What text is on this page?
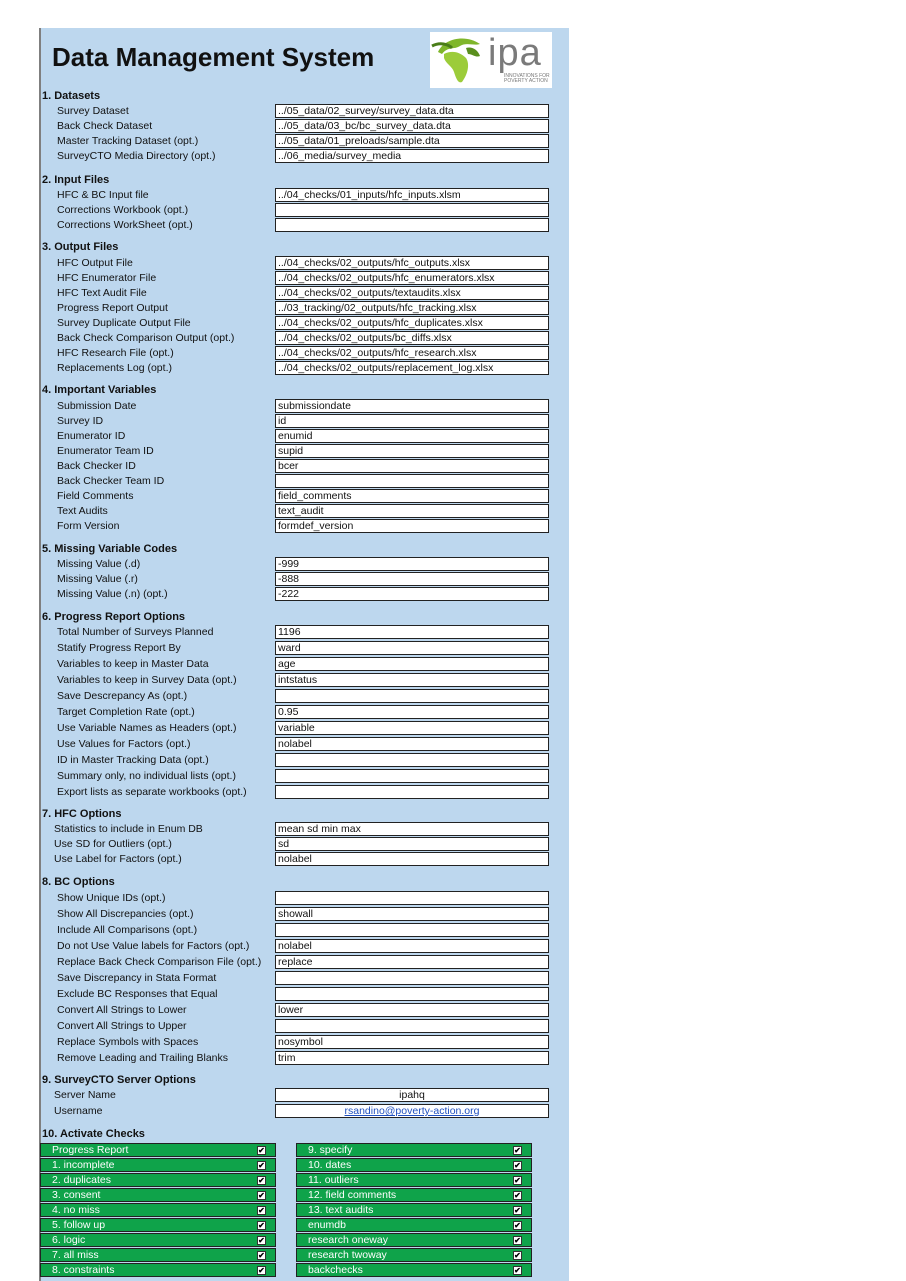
Data Management System	ipa
INNOVATIONS FOR POVERTY ACTION
1. Datasets
Survey Dataset	../05_data/02_survey/survey_data.dta
Back Check Dataset	../05_data/03_bc/bc_survey_data.dta
Master Tracking Dataset (opt.)	../05_data/01_preloads/sample.dta
SurveyCTO Media Directory (opt.)	../06_media/survey_media
2. Input Files
HFC & BC Input file	../04_checks/01_inputs/hfc_inputs.xlsm
Corrections Workbook (opt.)
Corrections WorkSheet (opt.)
3. Output Files
HFC Output File	../04_checks/02_outputs/hfc_outputs.xlsx
HFC Enumerator File	../04_checks/02_outputs/hfc_enumerators.xlsx
HFC Text Audit File	../04_checks/02_outputs/textaudits.xlsx
Progress Report Output	../03_tracking/02_outputs/hfc_tracking.xlsx
Survey Duplicate Output File	../04_checks/02_outputs/hfc_duplicates.xlsx
Back Check Comparison Output (opt.)	../04_checks/02_outputs/bc_diffs.xlsx
HFC Research File (opt.)	../04_checks/02_outputs/hfc_research.xlsx
Replacements Log (opt.)	../04_checks/02_outputs/replacement_log.xlsx
4. Important Variables
Submission Date	submissiondate
Survey ID	id
Enumerator ID	enumid
Enumerator Team ID	supid
Back Checker ID	bcer
Back Checker Team ID
Field Comments	field_comments
Text Audits	text_audit
Form Version	formdef_version
5. Missing Variable Codes
Missing Value (.d)	-999
Missing Value (.r)	-888
Missing Value (.n) (opt.)	-222
6. Progress Report Options
Total Number of Surveys Planned	1196
Statify Progress Report By	ward
Variables to keep in Master Data	age
Variables to keep in Survey Data (opt.)	intstatus
Save Descrepancy As (opt.)
Target Completion Rate (opt.)	0.95
Use Variable Names as Headers (opt.)	variable
Use Values for Factors (opt.)	nolabel
ID in Master Tracking Data (opt.)
Summary only, no individual lists (opt.)
Export lists as separate workbooks (opt.)
7. HFC Options
Statistics to include in Enum DB	mean sd min max
Use SD for Outliers (opt.)	sd
Use Label for Factors (opt.)	nolabel
8. BC Options
Show Unique IDs (opt.)
Show All Discrepancies (opt.)	showall
Include All Comparisons (opt.)
Do not Use Value labels for Factors (opt.)	nolabel
Replace Back Check Comparison File (opt.) replace
Save Discrepancy in Stata Format
Exclude BC Responses that Equal
Convert All Strings to Lower	lower
Convert All Strings to Upper
Replace Symbols with Spaces	nosymbol
Remove Leading and Trailing Blanks	trim
9. SurveyCTO Server Options
Server Name	ipahq
Username	rsandino@poverty-action.org
10. Activate Checks
Progress Report	✔
1. incomplete	✔
2. duplicates	✔
3. consent	✔
4. no miss	✔
5. follow up	✔
6. logic	✔
7. all miss	✔
8. constraints	✔
9. specify	✔
10. dates	✔
11. outliers	✔
12. field comments	✔
13. text audits	✔
enumdb	✔
research oneway	✔
research twoway	✔
backchecks	✔
